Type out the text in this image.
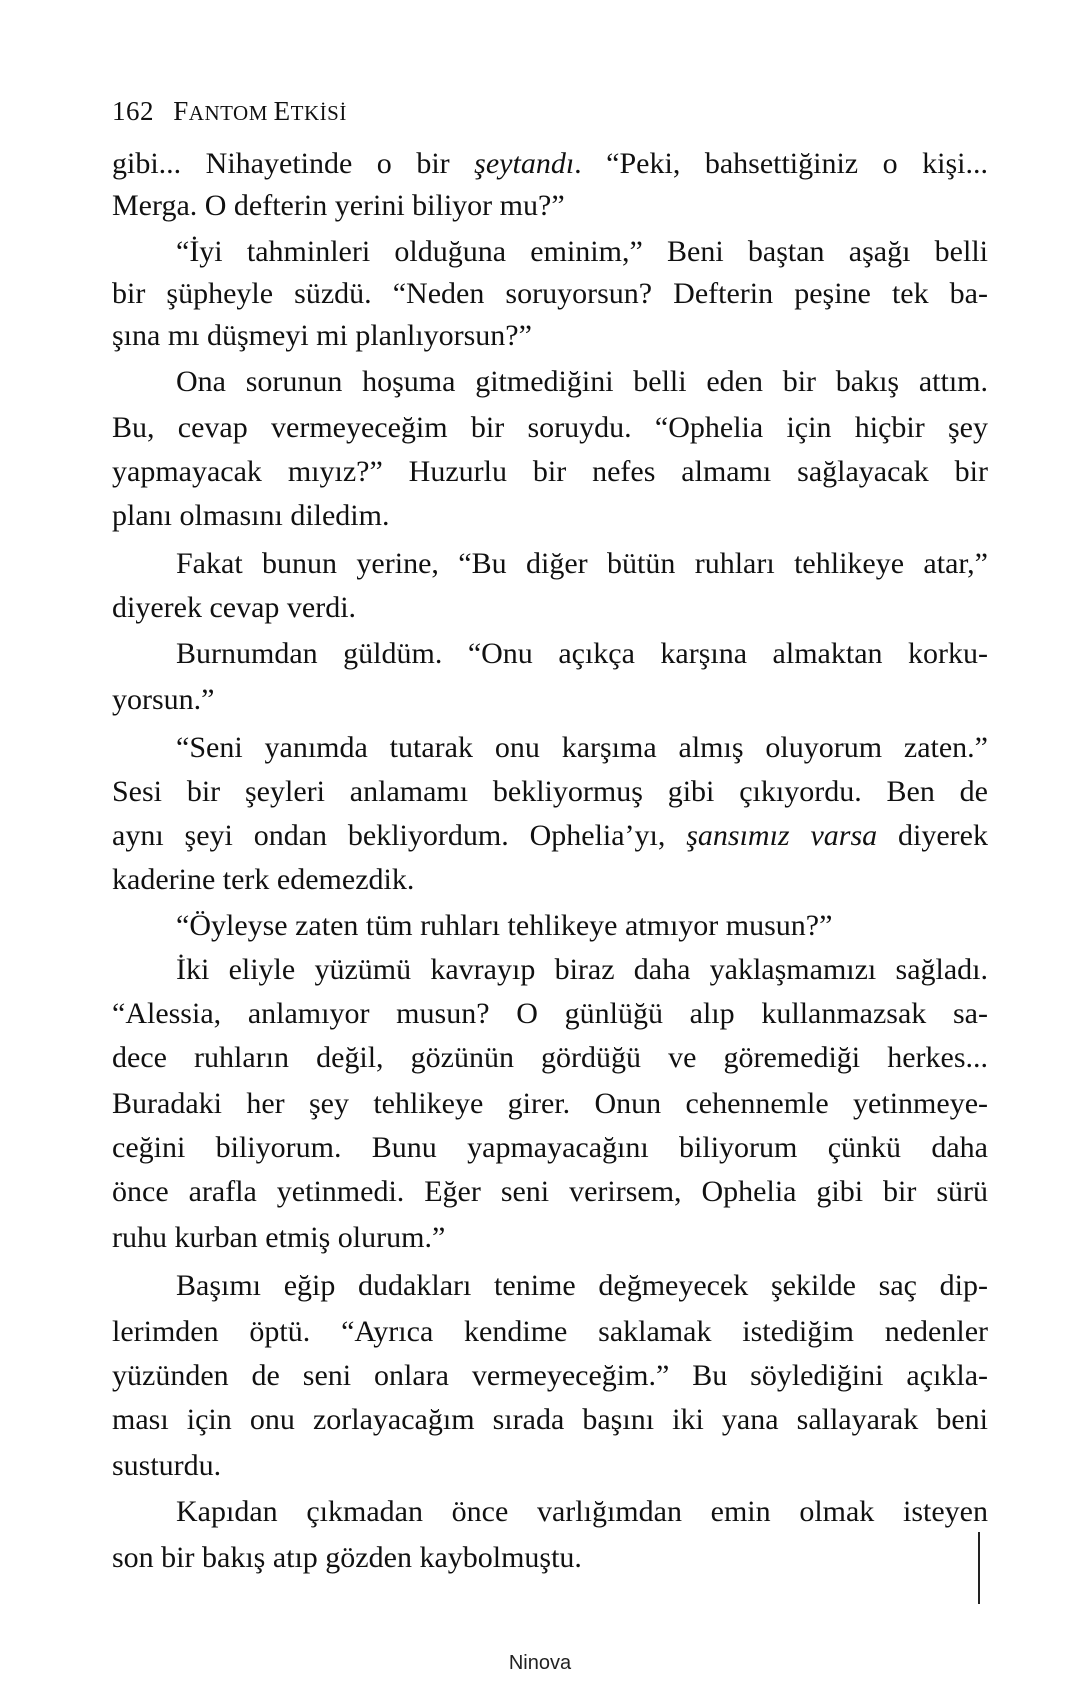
162 FANTOM ETKİSİ
gibi... Nihayetinde o bir şeytandı. “Peki, bahsettiğiniz o kişi...
Merga. O defterin yerini biliyor mu?”
“İyi tahminleri olduğuna eminim,” Beni baştan aşağı belli
bir şüpheyle süzdü. “Neden soruyorsun? Defterin peşine tek ba-
şına mı düşmeyi mi planlıyorsun?”
Ona sorunun hoşuma gitmediğini belli eden bir bakış attım.
Bu, cevap vermeyeceğim bir soruydu. “Ophelia için hiçbir şey
yapmayacak mıyız?” Huzurlu bir nefes almamı sağlayacak bir
planı olmasını diledim.
Fakat bunun yerine, “Bu diğer bütün ruhları tehlikeye atar,”
diyerek cevap verdi.
Burnumdan güldüm. “Onu açıkça karşına almaktan korku-
yorsun.”
“Seni yanımda tutarak onu karşıma almış oluyorum zaten.”
Sesi bir şeyleri anlamamı bekliyormuş gibi çıkıyordu. Ben de
aynı şeyi ondan bekliyordum. Ophelia’yı, şansımız varsa diyerek
kaderine terk edemezdik.
“Öyleyse zaten tüm ruhları tehlikeye atmıyor musun?”
İki eliyle yüzümü kavrayıp biraz daha yaklaşmamızı sağladı.
“Alessia, anlamıyor musun? O günlüğü alıp kullanmazsak sa-
dece ruhların değil, gözünün gördüğü ve göremediği herkes...
Buradaki her şey tehlikeye girer. Onun cehennemle yetinmeye-
ceğini biliyorum. Bunu yapmayacağını biliyorum çünkü daha
önce arafla yetinmedi. Eğer seni verirsem, Ophelia gibi bir sürü
ruhu kurban etmiş olurum.”
Başımı eğip dudakları tenime değmeyecek şekilde saç dip-
lerimden öptü. “Ayrıca kendime saklamak istediğim nedenler
yüzünden de seni onlara vermeyeceğim.” Bu söylediğini açıkla-
ması için onu zorlayacağım sırada başını iki yana sallayarak beni
susturdu.
Kapıdan çıkmadan önce varlığımdan emin olmak isteyen
son bir bakış atıp gözden kaybolmuştu.
Ninova
